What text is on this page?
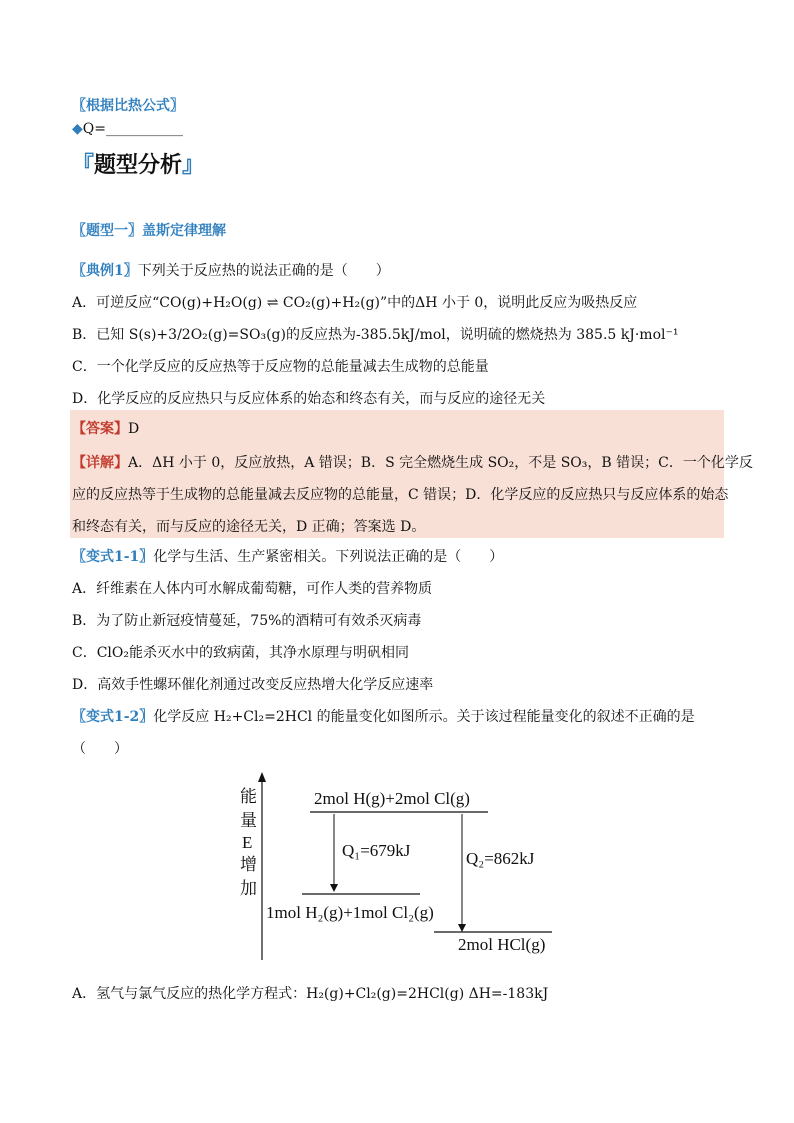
〖根据比热公式〗
◆Q=___________
『题型分析』
〖题型一〗盖斯定律理解
〖典例1〗下列关于反应热的说法正确的是（　　）
A．可逆反应“CO(g)+H₂O(g) ⇌ CO₂(g)+H₂(g)”中的ΔH 小于 0，说明此反应为吸热反应
B．已知 S(s)+3/2O₂(g)=SO₃(g)的反应热为-385.5kJ/mol，说明硫的燃烧热为 385.5 kJ·mol⁻¹
C．一个化学反应的反应热等于反应物的总能量减去生成物的总能量
D．化学反应的反应热只与反应体系的始态和终态有关，而与反应的途径无关
【答案】D
【详解】A．ΔH 小于 0，反应放热，A 错误；B．S 完全燃烧生成 SO₂，不是 SO₃，B 错误；C．一个化学反
应的反应热等于生成物的总能量减去反应物的总能量，C 错误；D．化学反应的反应热只与反应体系的始态
和终态有关，而与反应的途径无关，D 正确；答案选 D。
〖变式1-1〗化学与生活、生产紧密相关。下列说法正确的是（　　）
A．纤维素在人体内可水解成葡萄糖，可作人类的营养物质
B．为了防止新冠疫情蔓延，75%的酒精可有效杀灭病毒
C．ClO₂能杀灭水中的致病菌，其净水原理与明矾相同
D．高效手性螺环催化剂通过改变反应热增大化学反应速率
〖变式1-2〗化学反应 H₂+Cl₂=2HCl 的能量变化如图所示。关于该过程能量变化的叙述不正确的是
（　　）
能
量
E
增
加
2mol H(g)+2mol Cl(g)
Q₁=679kJ
1mol H₂(g)+1mol Cl₂(g)
Q₂=862kJ
2mol HCl(g)
A．氢气与氯气反应的热化学方程式：H₂(g)+Cl₂(g)=2HCl(g) ΔH=-183kJ
